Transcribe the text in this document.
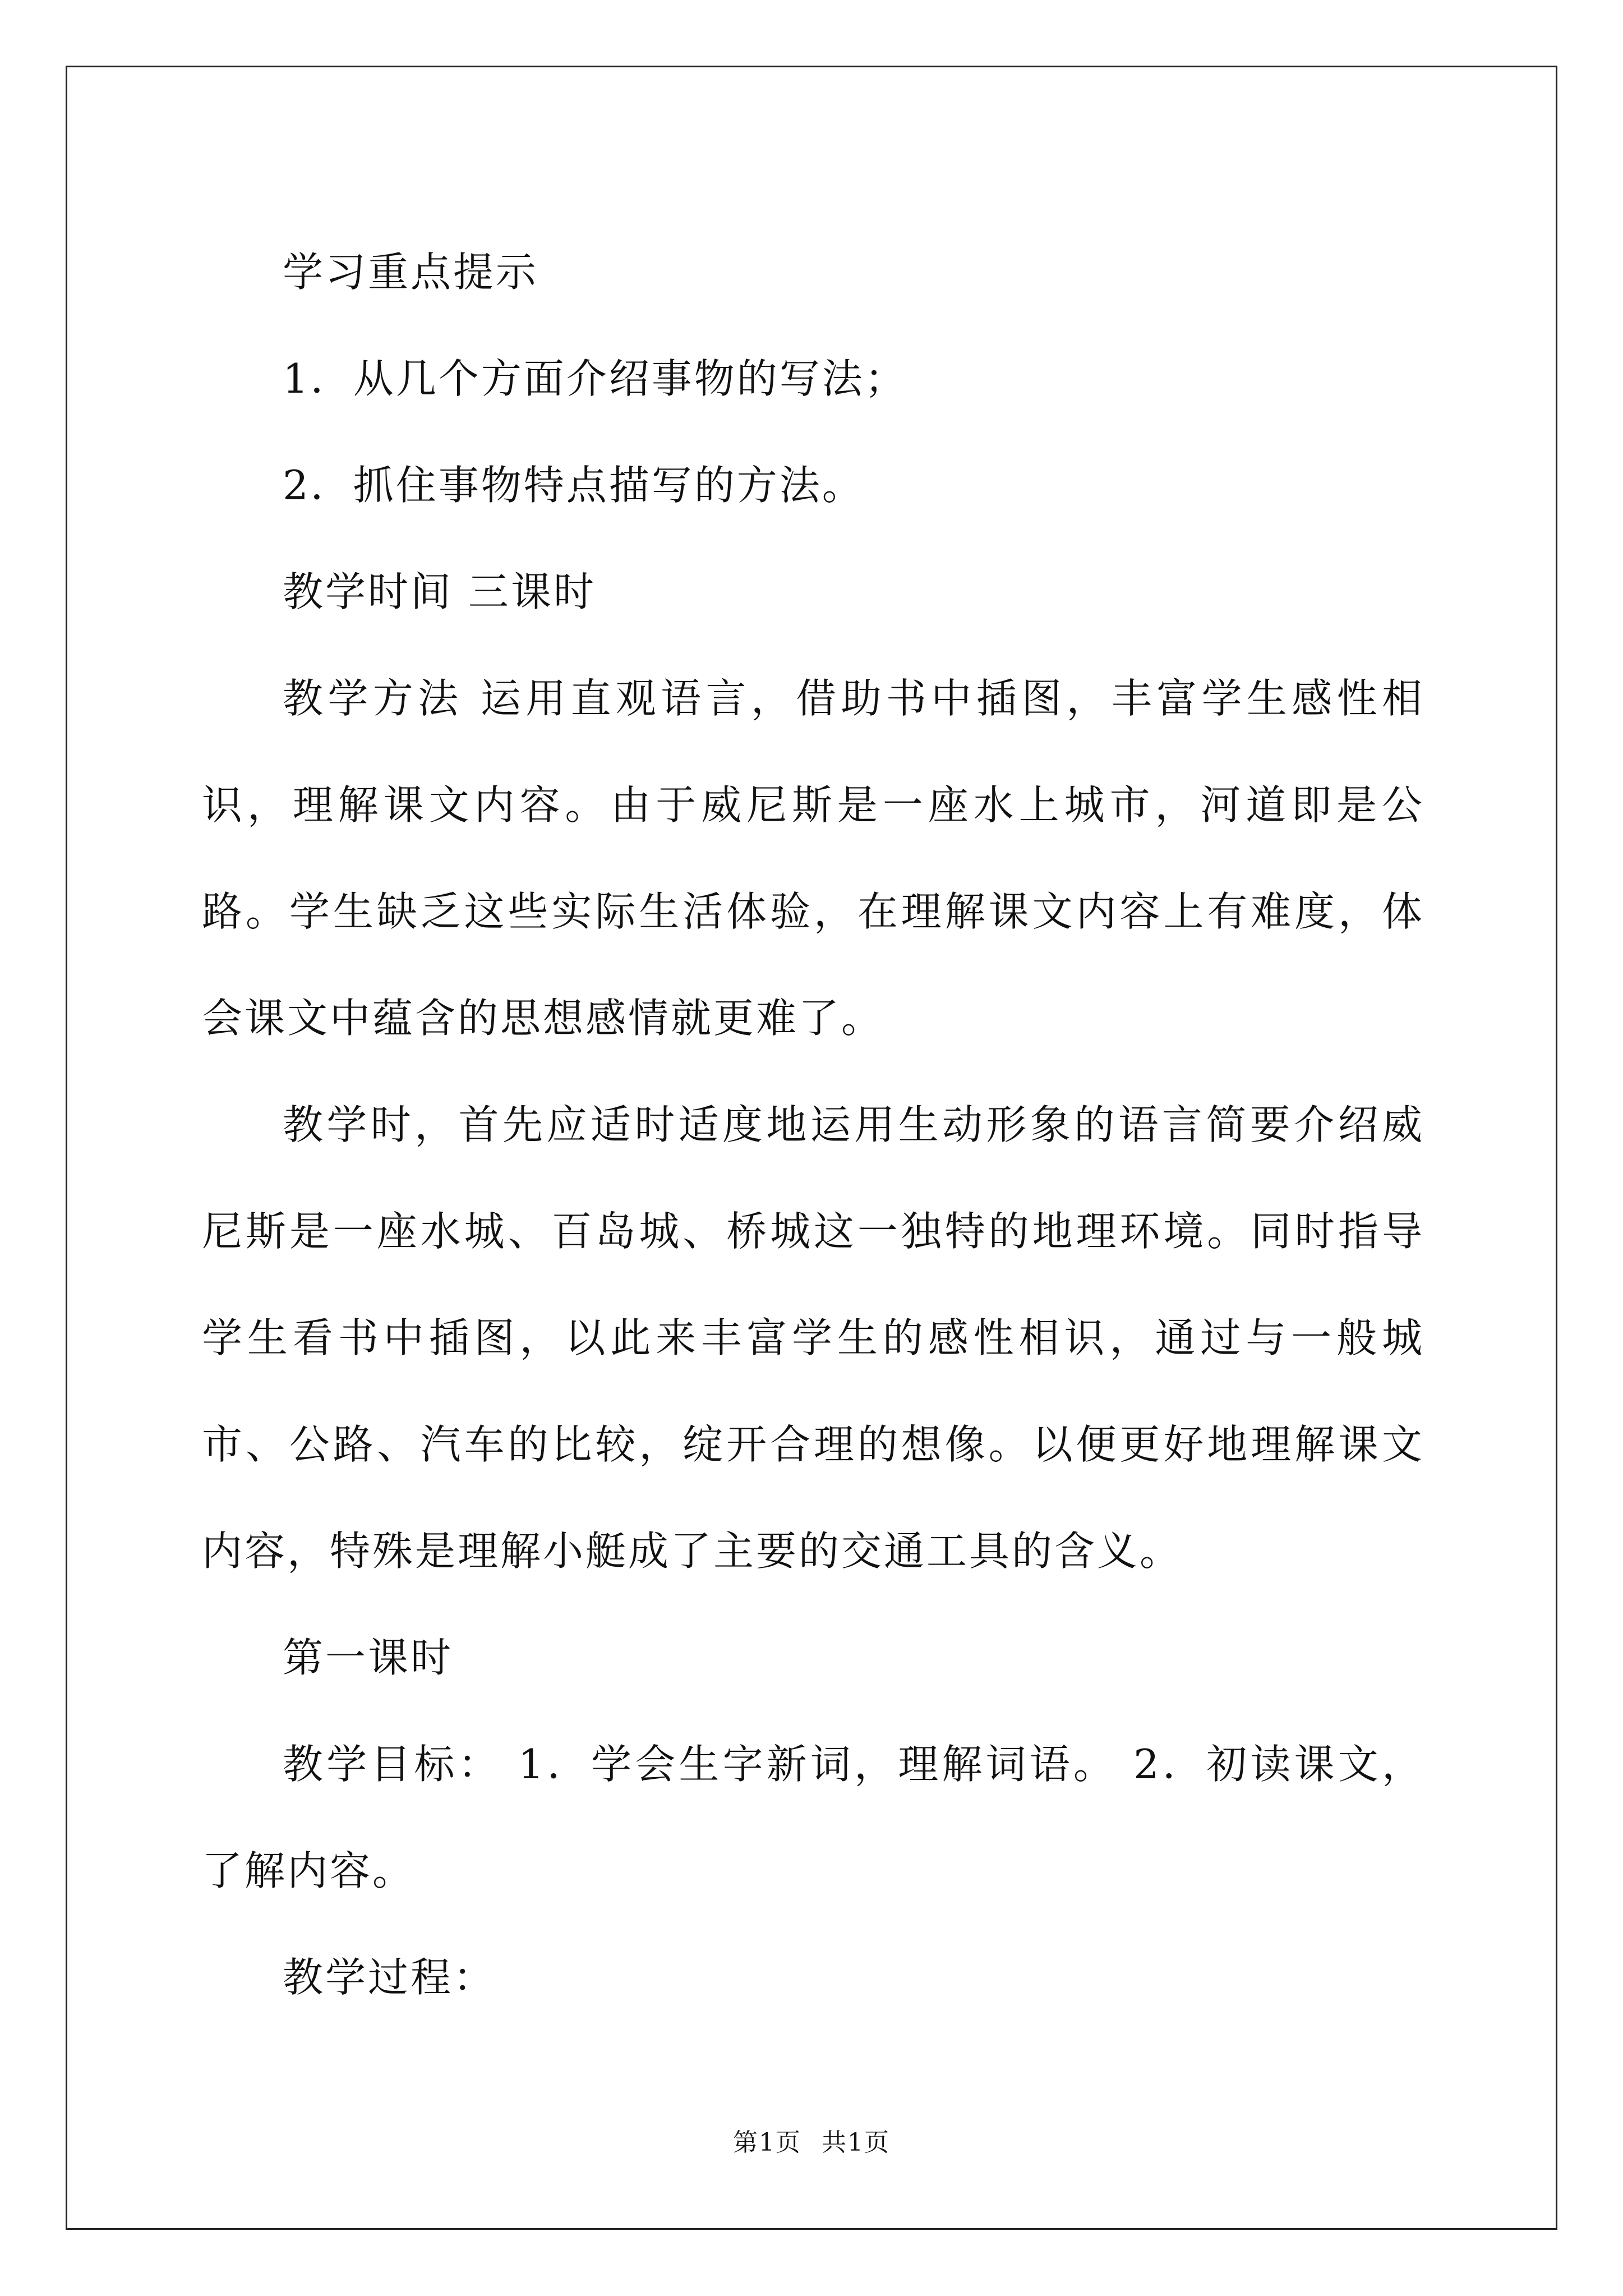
学习重点提示

1．从几个方面介绍事物的写法；

2．抓住事物特点描写的方法。

教学时间 三课时

教学方法 运用直观语言，借助书中插图，丰富学生感性相识，理解课文内容。由于威尼斯是一座水上城市，河道即是公路。学生缺乏这些实际生活体验，在理解课文内容上有难度，体会课文中蕴含的思想感情就更难了。

教学时，首先应适时适度地运用生动形象的语言简要介绍威尼斯是一座水城、百岛城、桥城这一独特的地理环境。同时指导学生看书中插图，以此来丰富学生的感性相识，通过与一般城市、公路、汽车的比较，绽开合理的想像。以便更好地理解课文内容，特殊是理解小艇成了主要的交通工具的含义。

第一课时

教学目标： 1．学会生字新词，理解词语。 2．初读课文，了解内容。

教学过程：

第1页 共1页
